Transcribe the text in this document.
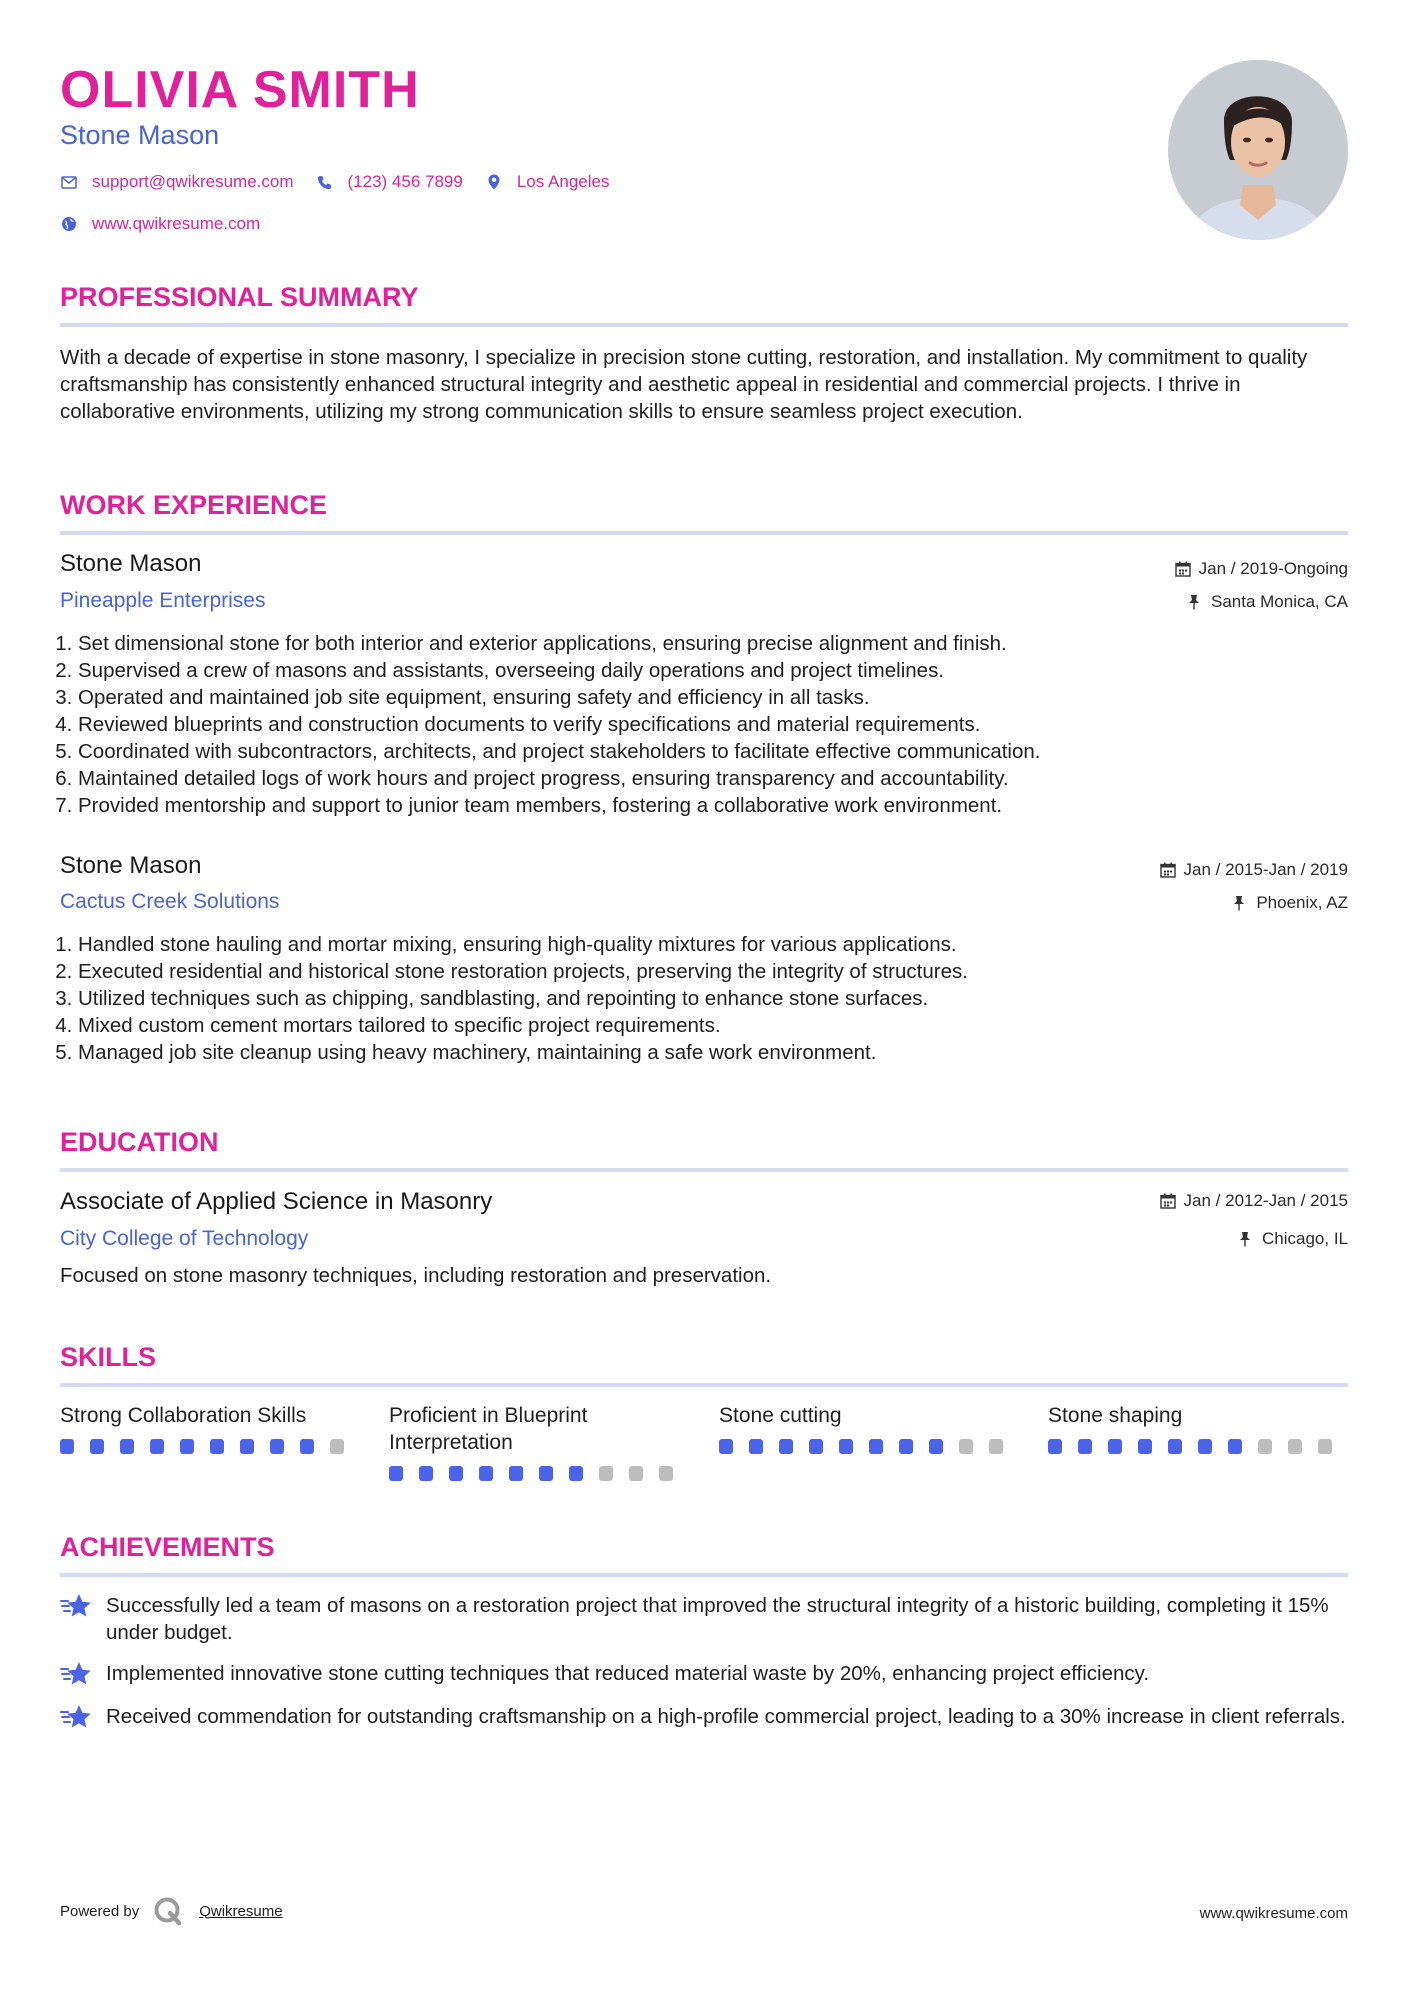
OLIVIA SMITH
Stone Mason
support@qwikresume.com	(123) 456 7899	Los Angeles
www.qwikresume.com
PROFESSIONAL SUMMARY

With a decade of expertise in stone masonry, I specialize in precision stone cutting, restoration, and installation. My commitment to quality craftsmanship has consistently enhanced structural integrity and aesthetic appeal in residential and commercial projects. I thrive in collaborative environments, utilizing my strong communication skills to ensure seamless project execution.

WORK EXPERIENCE
Stone Mason
Pineapple Enterprises
Jan / 2019-Ongoing
Santa Monica, CA
1. Set dimensional stone for both interior and exterior applications, ensuring precise alignment and finish.
2. Supervised a crew of masons and assistants, overseeing daily operations and project timelines.
3. Operated and maintained job site equipment, ensuring safety and efficiency in all tasks.
4. Reviewed blueprints and construction documents to verify specifications and material requirements.
5. Coordinated with subcontractors, architects, and project stakeholders to facilitate effective communication.
6. Maintained detailed logs of work hours and project progress, ensuring transparency and accountability.
7. Provided mentorship and support to junior team members, fostering a collaborative work environment.
Stone Mason
Cactus Creek Solutions
Jan / 2015-Jan / 2019
Phoenix, AZ
1. Handled stone hauling and mortar mixing, ensuring high-quality mixtures for various applications.
2. Executed residential and historical stone restoration projects, preserving the integrity of structures.
3. Utilized techniques such as chipping, sandblasting, and repointing to enhance stone surfaces.
4. Mixed custom cement mortars tailored to specific project requirements.
5. Managed job site cleanup using heavy machinery, maintaining a safe work environment.
EDUCATION
Associate of Applied Science in Masonry
City College of Technology
Jan / 2012-Jan / 2015
Chicago, IL

Focused on stone masonry techniques, including restoration and preservation.

SKILLS
Strong Collaboration Skills	Proficient in Blueprint Interpretation
Stone cutting	Stone shaping
ACHIEVEMENTS
Successfully led a team of masons on a restoration project that improved the structural integrity of a historic building, completing it 15% under budget.
Implemented innovative stone cutting techniques that reduced material waste by 20%, enhancing project efficiency.
Received commendation for outstanding craftsmanship on a high-profile commercial project, leading to a 30% increase in client referrals.
Powered by	Qwikresume	www.qwikresume.com
